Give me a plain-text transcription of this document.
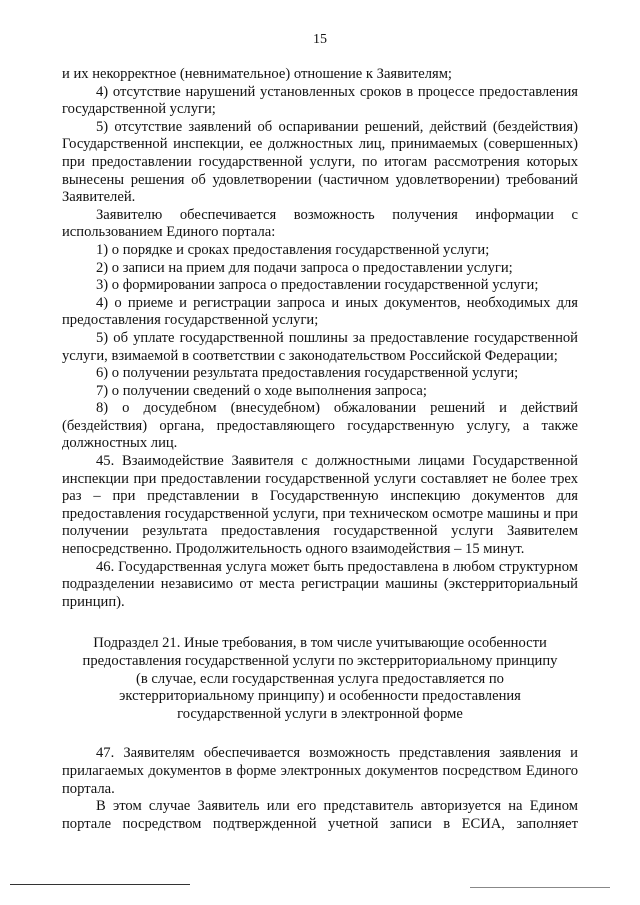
15

и их некорректное (невнимательное) отношение к Заявителям;

4) отсутствие нарушений установленных сроков в процессе предоставления государственной услуги;

5) отсутствие заявлений об оспаривании решений, действий (бездействия) Государственной инспекции, ее должностных лиц, принимаемых (совершенных) при предоставлении государственной услуги, по итогам рассмотрения которых вынесены решения об удовлетворении (частичном удовлетворении) требований Заявителей.

Заявителю обеспечивается возможность получения информации с использованием Единого портала:

1) о порядке и сроках предоставления государственной услуги;

2) о записи на прием для подачи запроса о предоставлении услуги;

3) о формировании запроса о предоставлении государственной услуги;

4) о приеме и регистрации запроса и иных документов, необходимых для предоставления государственной услуги;

5) об уплате государственной пошлины за предоставление государственной услуги, взимаемой в соответствии с законодательством Российской Федерации;

6) о получении результата предоставления государственной услуги;

7) о получении сведений о ходе выполнения запроса;

8) о досудебном (внесудебном) обжаловании решений и действий (бездействия) органа, предоставляющего государственную услугу, а также должностных лиц.

45. Взаимодействие Заявителя с должностными лицами Государственной инспекции при предоставлении государственной услуги составляет не более трех раз – при представлении в Государственную инспекцию документов для предоставления государственной услуги, при техническом осмотре машины и при получении результата предоставления государственной услуги Заявителем непосредственно. Продолжительность одного взаимодействия – 15 минут.

46. Государственная услуга может быть предоставлена в любом структурном подразделении независимо от места регистрации машины (экстерриториальный принцип).

Подраздел 21. Иные требования, в том числе учитывающие особенности
предоставления государственной услуги по экстерриториальному принципу
(в случае, если государственная услуга предоставляется по
экстерриториальному принципу) и особенности предоставления
государственной услуги в электронной форме

47. Заявителям обеспечивается возможность представления заявления и прилагаемых документов в форме электронных документов посредством Единого портала.

В этом случае Заявитель или его представитель авторизуется на Едином портале посредством подтвержденной учетной записи в ЕСИА, заполняет
